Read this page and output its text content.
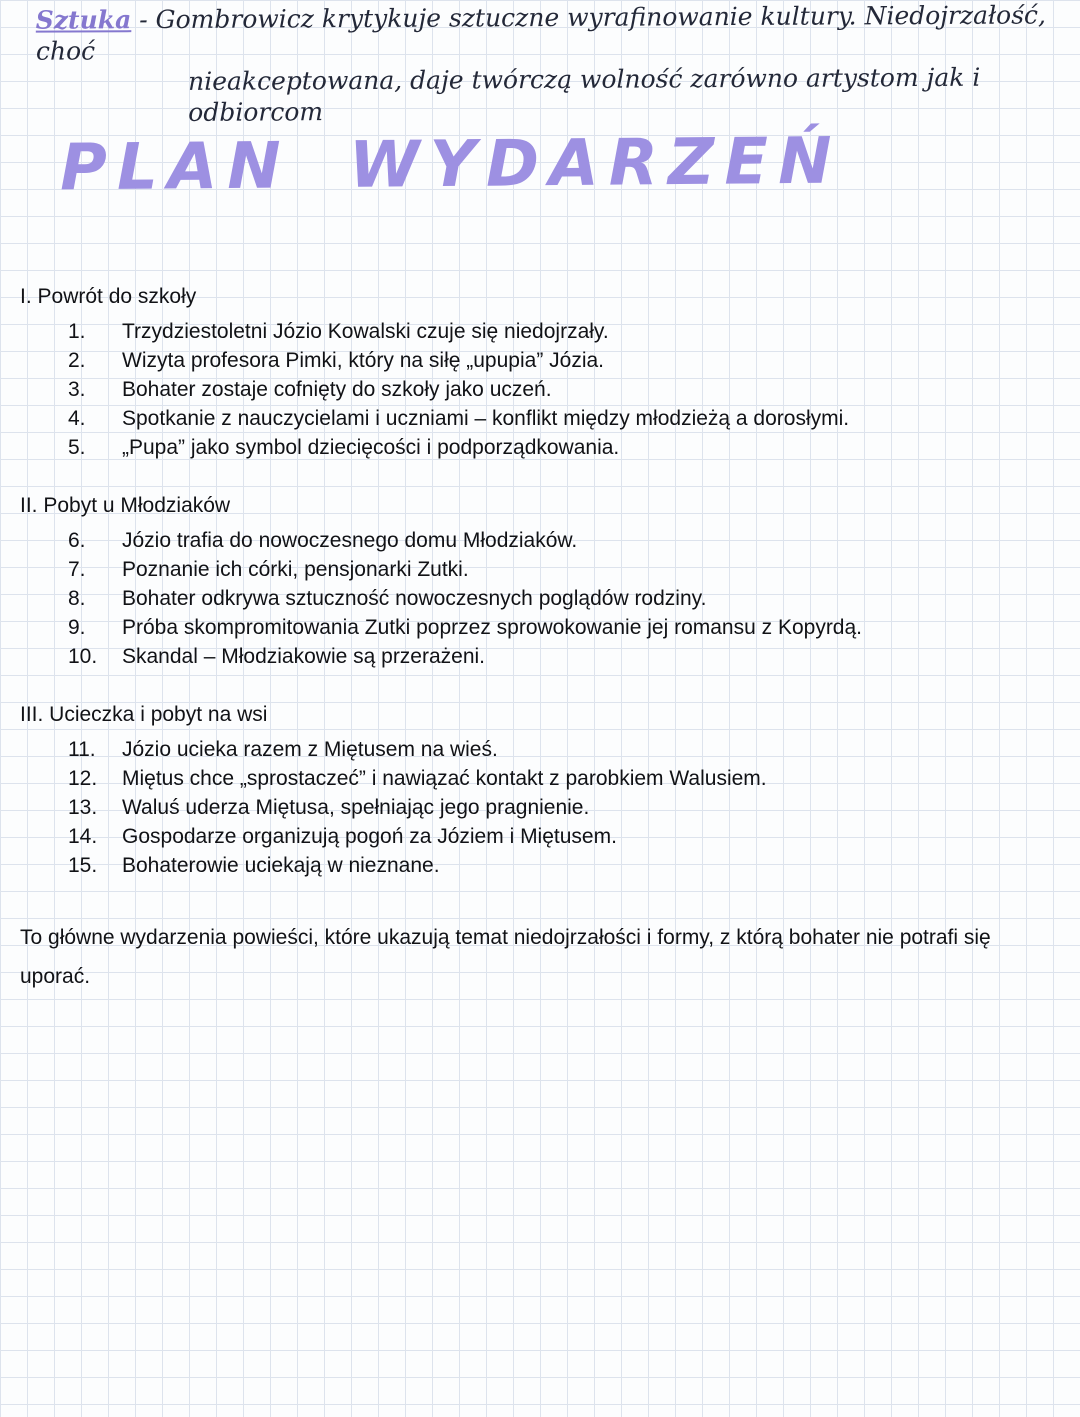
Sztuka - Gombrowicz krytykuje sztuczne wyrafinowanie kultury. Niedojrzałość, choć
nieakceptowana, daje twórczą wolność zarówno artystom jak i odbiorcom
PLAN WYDARZEŃ

I. Powrót do szkoły

1.	Trzydziestoletni Józio Kowalski czuje się niedojrzały.
2.	Wizyta profesora Pimki, który na siłę „upupia” Józia.
3.	Bohater zostaje cofnięty do szkoły jako uczeń.
4.	Spotkanie z nauczycielami i uczniami – konflikt między młodzieżą a dorosłymi.
5.	„Pupa” jako symbol dziecięcości i podporządkowania.

II. Pobyt u Młodziaków

6.	Józio trafia do nowoczesnego domu Młodziaków.
7.	Poznanie ich córki, pensjonarki Zutki.
8.	Bohater odkrywa sztuczność nowoczesnych poglądów rodziny.
9.	Próba skompromitowania Zutki poprzez sprowokowanie jej romansu z Kopyrdą.
10.	Skandal – Młodziakowie są przerażeni.

III. Ucieczka i pobyt na wsi

11.	Józio ucieka razem z Miętusem na wieś.
12.	Miętus chce „sprostaczeć” i nawiązać kontakt z parobkiem Walusiem.
13.	Waluś uderza Miętusa, spełniając jego pragnienie.
14.	Gospodarze organizują pogoń za Józiem i Miętusem.
15.	Bohaterowie uciekają w nieznane.

To główne wydarzenia powieści, które ukazują temat niedojrzałości i formy, z którą bohater nie potrafi się uporać.
